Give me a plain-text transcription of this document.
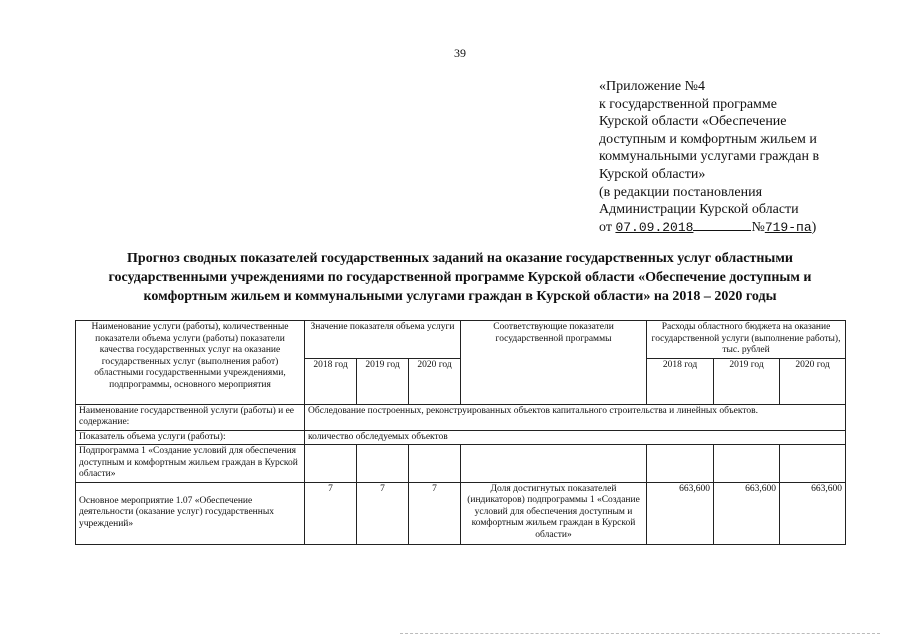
39
«Приложение №4
к государственной программе
Курской области «Обеспечение
доступным и комфортным жильем и
коммунальными услугами граждан в
Курской области»
(в редакции постановления
Администрации Курской области
от 07.09.2018	№719-па)
Прогноз сводных показателей государственных заданий на оказание государственных услуг областными
государственными учреждениями по государственной программе Курской области «Обеспечение доступным и
комфортным жильем и коммунальными услугами граждан в Курской области» на 2018 – 2020 годы
Наименование услуги (работы), количественные показатели объема услуги (работы) показатели качества государственных услуг на оказание государственных услуг (выполнения работ) областными государственными учреждениями, подпрограммы, основного мероприятия	Значение показателя объема услуги			Соответствующие показатели государственной программы	Расходы областного бюджета на оказание государственной услуги (выполнение работы), тыс. рублей		
	2018 год	2019 год	2020 год		2018 год	2019 год	2020 год
Наименование государственной услуги (работы) и ее содержание:	Обследование построенных, реконструированных объектов капитального строительства и линейных объектов.						
Показатель объема услуги (работы):	количество обследуемых объектов						
Подпрограмма 1 «Создание условий для обеспечения доступным и комфортным жильем граждан в Курской области»							
Основное мероприятие 1.07 «Обеспечение деятельности (оказание услуг) государственных учреждений»	7	7	7	Доля достигнутых показателей (индикаторов) подпрограммы 1 «Создание условий для обеспечения доступным и комфортным жильем граждан в Курской области»	663,600	663,600	663,600
